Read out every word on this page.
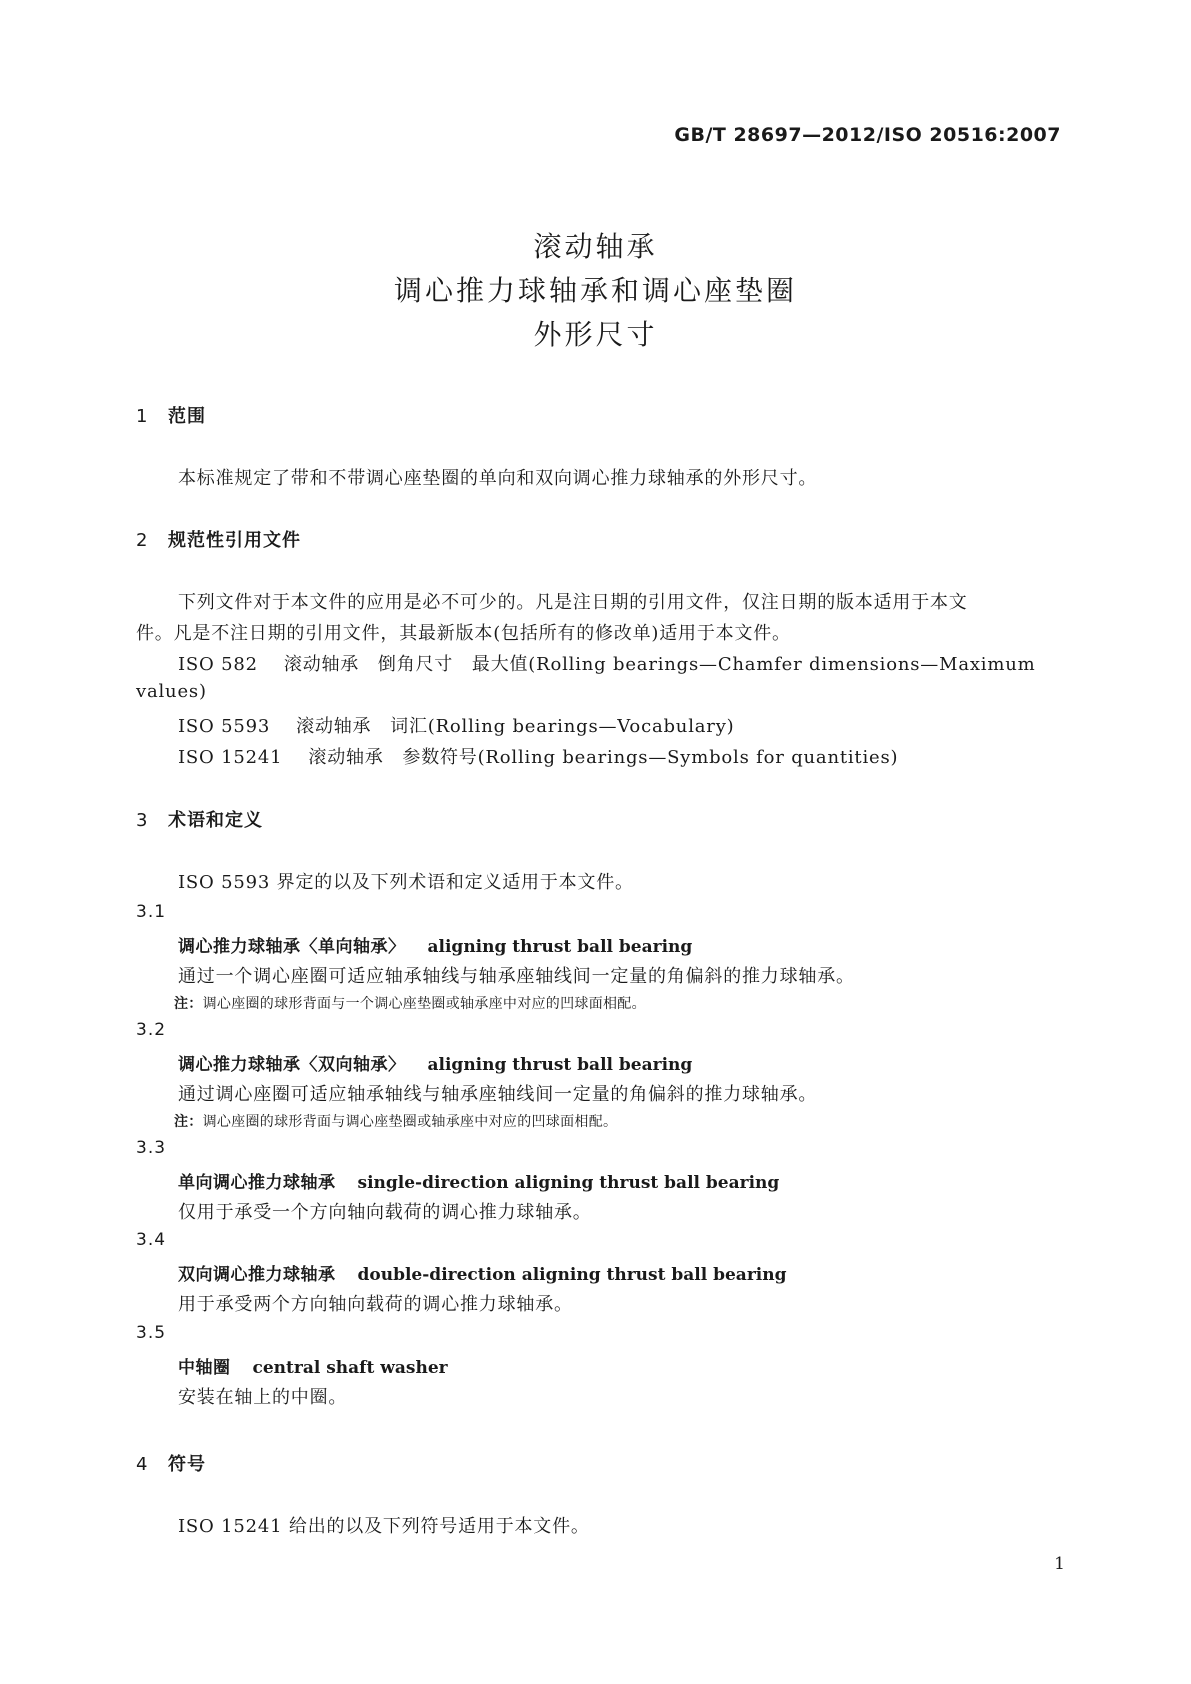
GB/T 28697—2012/ISO 20516:2007
滚动轴承
调心推力球轴承和调心座垫圈
外形尺寸
1 范围
本标准规定了带和不带调心座垫圈的单向和双向调心推力球轴承的外形尺寸。
2 规范性引用文件
下列文件对于本文件的应用是必不可少的。凡是注日期的引用文件，仅注日期的版本适用于本文
件。凡是不注日期的引用文件，其最新版本(包括所有的修改单)适用于本文件。
ISO 582 滚动轴承　倒角尺寸　最大值(Rolling bearings—Chamfer dimensions—Maximum
values)
ISO 5593 滚动轴承　词汇(Rolling bearings—Vocabulary)
ISO 15241 滚动轴承　参数符号(Rolling bearings—Symbols for quantities)
3 术语和定义
ISO 5593 界定的以及下列术语和定义适用于本文件。
3.1
调心推力球轴承〈单向轴承〉 aligning thrust ball bearing
通过一个调心座圈可适应轴承轴线与轴承座轴线间一定量的角偏斜的推力球轴承。
注：调心座圈的球形背面与一个调心座垫圈或轴承座中对应的凹球面相配。
3.2
调心推力球轴承〈双向轴承〉 aligning thrust ball bearing
通过调心座圈可适应轴承轴线与轴承座轴线间一定量的角偏斜的推力球轴承。
注：调心座圈的球形背面与调心座垫圈或轴承座中对应的凹球面相配。
3.3
单向调心推力球轴承 single-direction aligning thrust ball bearing
仅用于承受一个方向轴向载荷的调心推力球轴承。
3.4
双向调心推力球轴承 double-direction aligning thrust ball bearing
用于承受两个方向轴向载荷的调心推力球轴承。
3.5
中轴圈 central shaft washer
安装在轴上的中圈。
4 符号
ISO 15241 给出的以及下列符号适用于本文件。
1
